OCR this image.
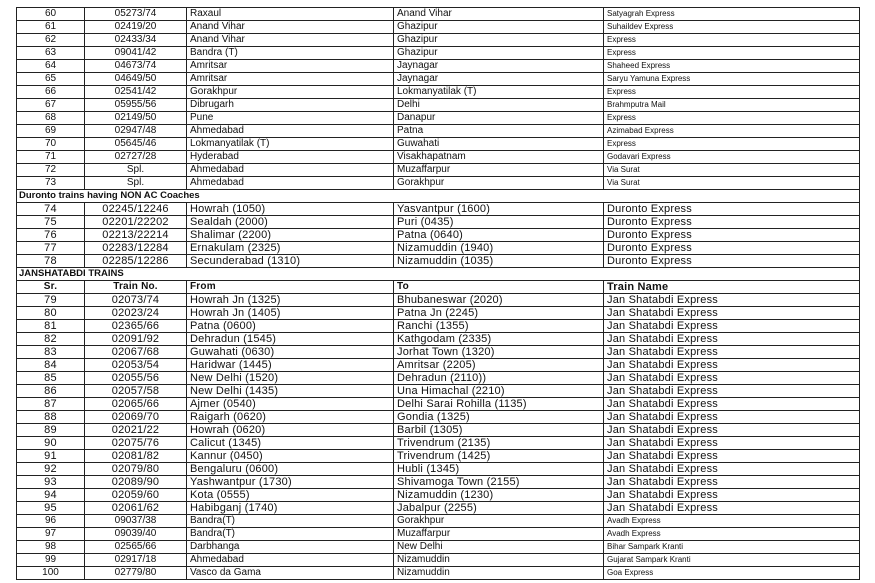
60	05273/74	Raxaul	Anand Vihar	Satyagrah Express
61	02419/20	Anand Vihar	Ghazipur	Suhaildev Express
62	02433/34	Anand Vihar	Ghazipur	Express
63	09041/42	Bandra (T)	Ghazipur	Express
64	04673/74	Amritsar	Jaynagar	Shaheed Express
65	04649/50	Amritsar	Jaynagar	Saryu Yamuna Express
66	02541/42	Gorakhpur	Lokmanyatilak (T)	Express
67	05955/56	Dibrugarh	Delhi	Brahmputra Mail
68	02149/50	Pune	Danapur	Express
69	02947/48	Ahmedabad	Patna	Azimabad Express
70	05645/46	Lokmanyatilak (T)	Guwahati	Express
71	02727/28	Hyderabad	Visakhapatnam	Godavari Express
72	Spl.	Ahmedabad	Muzaffarpur	Via Surat
73	Spl.	Ahmedabad	Gorakhpur	Via Surat
Duronto trains having NON AC Coaches				
74	02245/12246	Howrah (1050)	Yasvantpur (1600)	Duronto Express
75	02201/22202	Sealdah (2000)	Puri (0435)	Duronto Express
76	02213/22214	Shalimar (2200)	Patna (0640)	Duronto Express
77	02283/12284	Ernakulam (2325)	Nizamuddin (1940)	Duronto Express
78	02285/12286	Secunderabad (1310)	Nizamuddin (1035)	Duronto Express
JANSHATABDI TRAINS				
Sr.	Train No.	From	To	Train Name
79	02073/74	Howrah Jn (1325)	Bhubaneswar (2020)	Jan Shatabdi Express
80	02023/24	Howrah Jn (1405)	Patna Jn (2245)	Jan Shatabdi Express
81	02365/66	Patna (0600)	Ranchi (1355)	Jan Shatabdi Express
82	02091/92	Dehradun (1545)	Kathgodam (2335)	Jan Shatabdi Express
83	02067/68	Guwahati (0630)	Jorhat Town (1320)	Jan Shatabdi Express
84	02053/54	Haridwar (1445)	Amritsar (2205)	Jan Shatabdi Express
85	02055/56	New Delhi (1520)	Dehradun (2110))	Jan Shatabdi Express
86	02057/58	New Delhi (1435)	Una Himachal (2210)	Jan Shatabdi Express
87	02065/66	Ajmer (0540)	Delhi Sarai Rohilla (1135)	Jan Shatabdi Express
88	02069/70	Raigarh (0620)	Gondia (1325)	Jan Shatabdi Express
89	02021/22	Howrah (0620)	Barbil (1305)	Jan Shatabdi Express
90	02075/76	Calicut (1345)	Trivendrum (2135)	Jan Shatabdi Express
91	02081/82	Kannur (0450)	Trivendrum (1425)	Jan Shatabdi Express
92	02079/80	Bengaluru (0600)	Hubli (1345)	Jan Shatabdi Express
93	02089/90	Yashwantpur (1730)	Shivamoga Town (2155)	Jan Shatabdi Express
94	02059/60	Kota (0555)	Nizamuddin (1230)	Jan Shatabdi Express
95	02061/62	Habibganj (1740)	Jabalpur (2255)	Jan Shatabdi Express
96	09037/38	Bandra(T)	Gorakhpur	Avadh Express
97	09039/40	Bandra(T)	Muzaffarpur	Avadh Express
98	02565/66	Darbhanga	New Delhi	Bihar Sampark Kranti
99	02917/18	Ahmedabad	Nizamuddin	Gujarat Sampark Kranti
100	02779/80	Vasco da Gama	Nizamuddin	Goa Express
